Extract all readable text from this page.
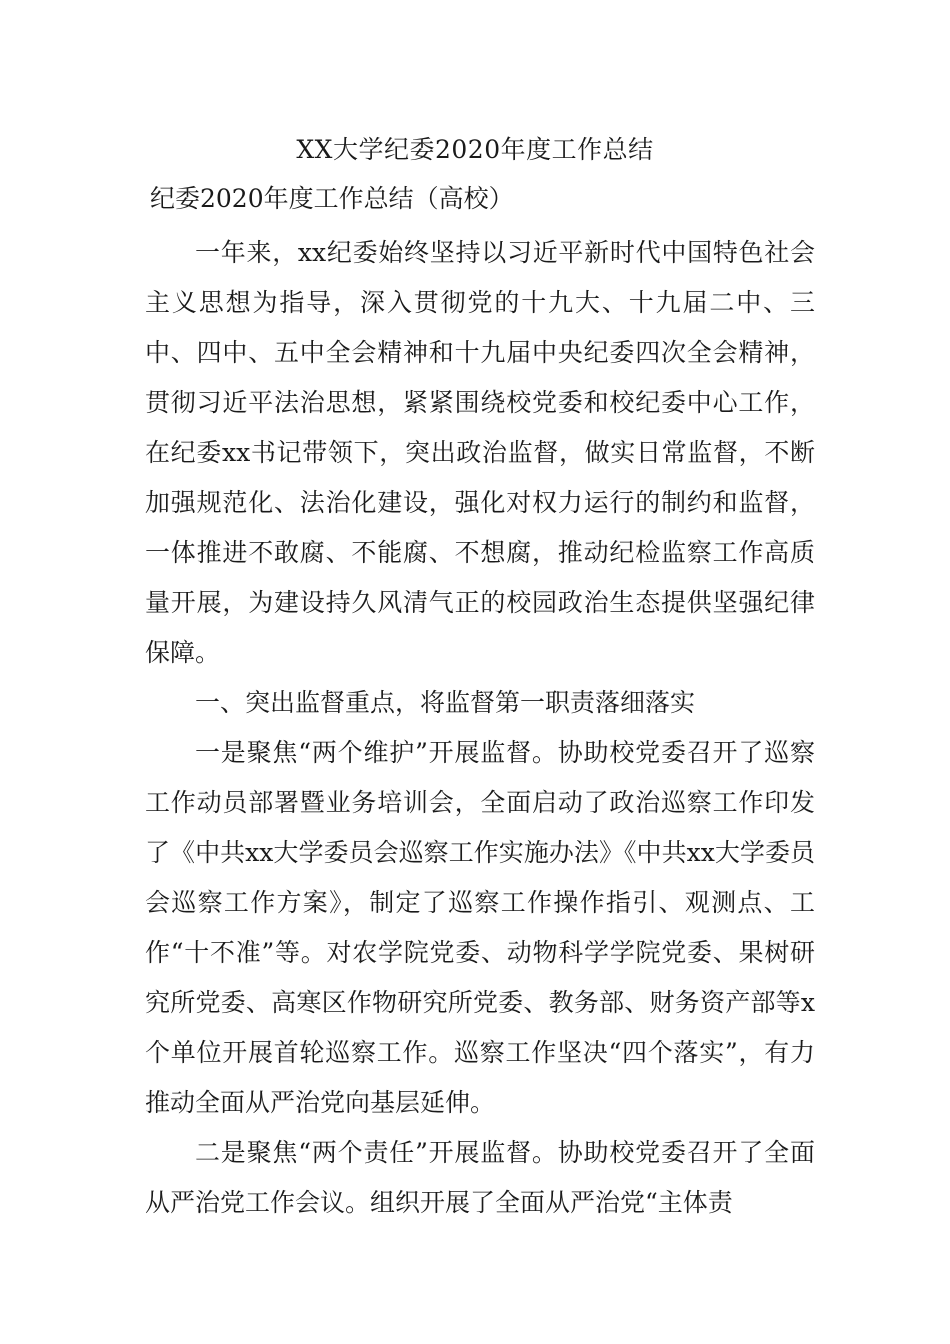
XX大学纪委2020年度工作总结
纪委2020年度工作总结（高校）

一年来，xx纪委始终坚持以习近平新时代中国特色社会主义思想为指导，深入贯彻党的十九大、十九届二中、三中、四中、五中全会精神和十九届中央纪委四次全会精神，贯彻习近平法治思想，紧紧围绕校党委和校纪委中心工作，在纪委xx书记带领下，突出政治监督，做实日常监督，不断加强规范化、法治化建设，强化对权力运行的制约和监督，一体推进不敢腐、不能腐、不想腐，推动纪检监察工作高质量开展，为建设持久风清气正的校园政治生态提供坚强纪律保障。

一、突出监督重点，将监督第一职责落细落实

一是聚焦“两个维护”开展监督。协助校党委召开了巡察工作动员部署暨业务培训会，全面启动了政治巡察工作印发了《中共xx大学委员会巡察工作实施办法》《中共xx大学委员会巡察工作方案》，制定了巡察工作操作指引、观测点、工作“十不准”等。对农学院党委、动物科学学院党委、果树研究所党委、高寒区作物研究所党委、教务部、财务资产部等x个单位开展首轮巡察工作。巡察工作坚决“四个落实”，有力推动全面从严治党向基层延伸。

二是聚焦“两个责任”开展监督。协助校党委召开了全面从严治党工作会议。组织开展了全面从严治党“主体责
